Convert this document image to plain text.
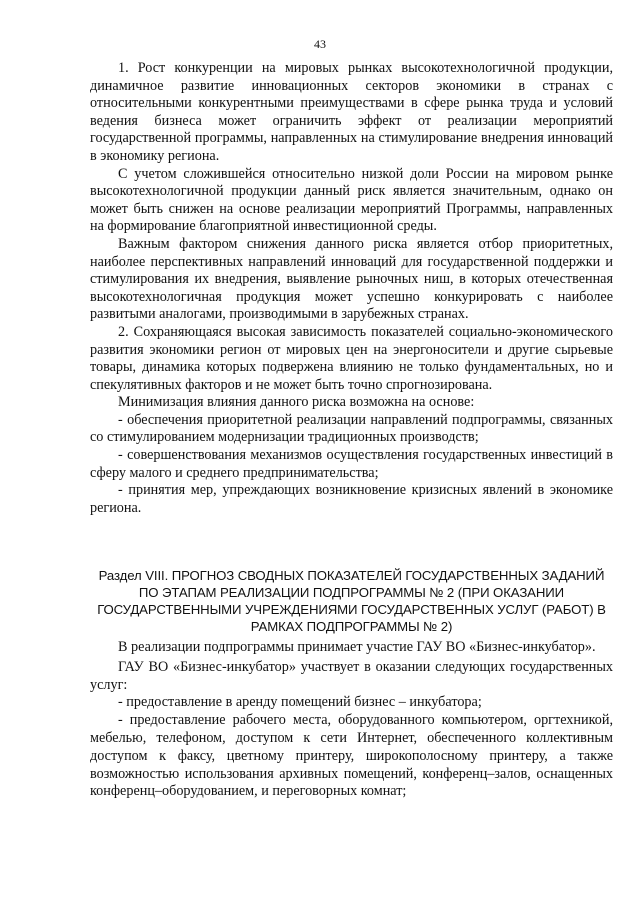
43

1. Рост конкуренции на мировых рынках высокотехнологичной продукции, динамичное развитие инновационных секторов экономики в странах с относительными конкурентными преимуществами в сфере рынка труда и условий ведения бизнеса может ограничить эффект от реализации мероприятий государственной программы, направленных на стимулирование внедрения инноваций в экономику региона.

С учетом сложившейся относительно низкой доли России на мировом рынке высокотехнологичной продукции данный риск является значительным, однако он может быть снижен на основе реализации мероприятий Программы, направленных на формирование благоприятной инвестиционной среды.

Важным фактором снижения данного риска является отбор приоритетных, наиболее перспективных направлений инноваций для государственной поддержки и стимулирования их внедрения, выявление рыночных ниш, в которых отечественная высокотехнологичная продукция может успешно конкурировать с наиболее развитыми аналогами, производимыми в зарубежных странах.

2. Сохраняющаяся высокая зависимость показателей социально-экономического развития экономики регион от мировых цен на энергоносители и другие сырьевые товары, динамика которых подвержена влиянию не только фундаментальных, но и спекулятивных факторов и не может быть точно спрогнозирована.

Минимизация влияния данного риска возможна на основе:

- обеспечения приоритетной реализации направлений подпрограммы, связанных со стимулированием модернизации традиционных производств;

- совершенствования механизмов осуществления государственных инвестиций в сферу малого и среднего предпринимательства;

- принятия мер, упреждающих возникновение кризисных явлений в экономике региона.

Раздел VIII. ПРОГНОЗ СВОДНЫХ ПОКАЗАТЕЛЕЙ ГОСУДАРСТВЕННЫХ ЗАДАНИЙ ПО ЭТАПАМ РЕАЛИЗАЦИИ ПОДПРОГРАММЫ № 2 (ПРИ ОКАЗАНИИ ГОСУДАРСТВЕННЫМИ УЧРЕЖДЕНИЯМИ ГОСУДАРСТВЕННЫХ УСЛУГ (РАБОТ) В РАМКАХ ПОДПРОГРАММЫ № 2)

В реализации подпрограммы принимает участие ГАУ ВО «Бизнес-инкубатор».

ГАУ ВО «Бизнес-инкубатор» участвует в оказании следующих государственных услуг:

- предоставление в аренду помещений бизнес – инкубатора;

- предоставление рабочего места, оборудованного компьютером, оргтехникой, мебелью, телефоном, доступом к сети Интернет, обеспеченного коллективным доступом к факсу, цветному принтеру, широкополосному принтеру, а также возможностью использования архивных помещений, конференц–залов, оснащенных конференц–оборудованием, и переговорных комнат;
